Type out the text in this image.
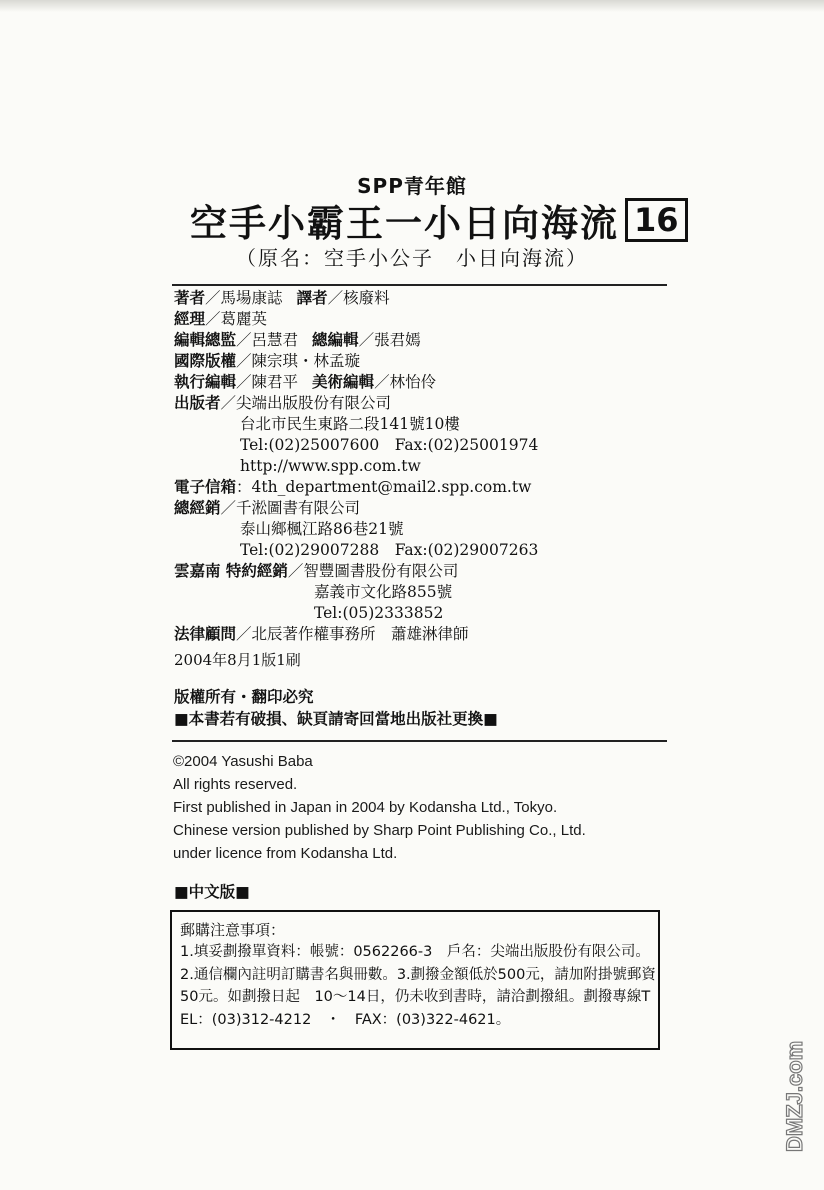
SPP青年館
空手小霸王一小日向海流 16
（原名：空手小公子　小日向海流）
著者／馬場康誌 譯者／核廢料
經理／葛麗英
編輯總監／呂慧君 總編輯／張君嫣
國際版權／陳宗琪・林孟璇
執行編輯／陳君平 美術編輯／林怡伶
出版者／尖端出版股份有限公司
台北市民生東路二段141號10樓
Tel:(02)25007600　Fax:(02)25001974
http://www.spp.com.tw
電子信箱：4th_department@mail2.spp.com.tw
總經銷／千淞圖書有限公司
泰山鄉楓江路86巷21號
Tel:(02)29007288　Fax:(02)29007263
雲嘉南 特約經銷／智豐圖書股份有限公司
嘉義市文化路855號
Tel:(05)2333852
法律顧問／北辰著作權事務所　蕭雄淋律師
2004年8月1版1刷
版權所有・翻印必究
■本書若有破損、缺頁請寄回當地出版社更換■
©2004 Yasushi Baba
All rights reserved.
First published in Japan in 2004 by Kodansha Ltd., Tokyo.
Chinese version published by Sharp Point Publishing Co., Ltd.
under licence from Kodansha Ltd.
■中文版■
郵購注意事項：
1.填妥劃撥單資料：帳號：0562266-3　戶名：尖端出版股份有限公司。2.通信欄內註明訂購書名與冊數。3.劃撥金額低於500元，請加附掛號郵資50元。如劃撥日起　10～14日，仍未收到書時，請洽劃撥組。劃撥專線TEL：(03)312-4212　・　FAX：(03)322-4621。
DMZJ.com
